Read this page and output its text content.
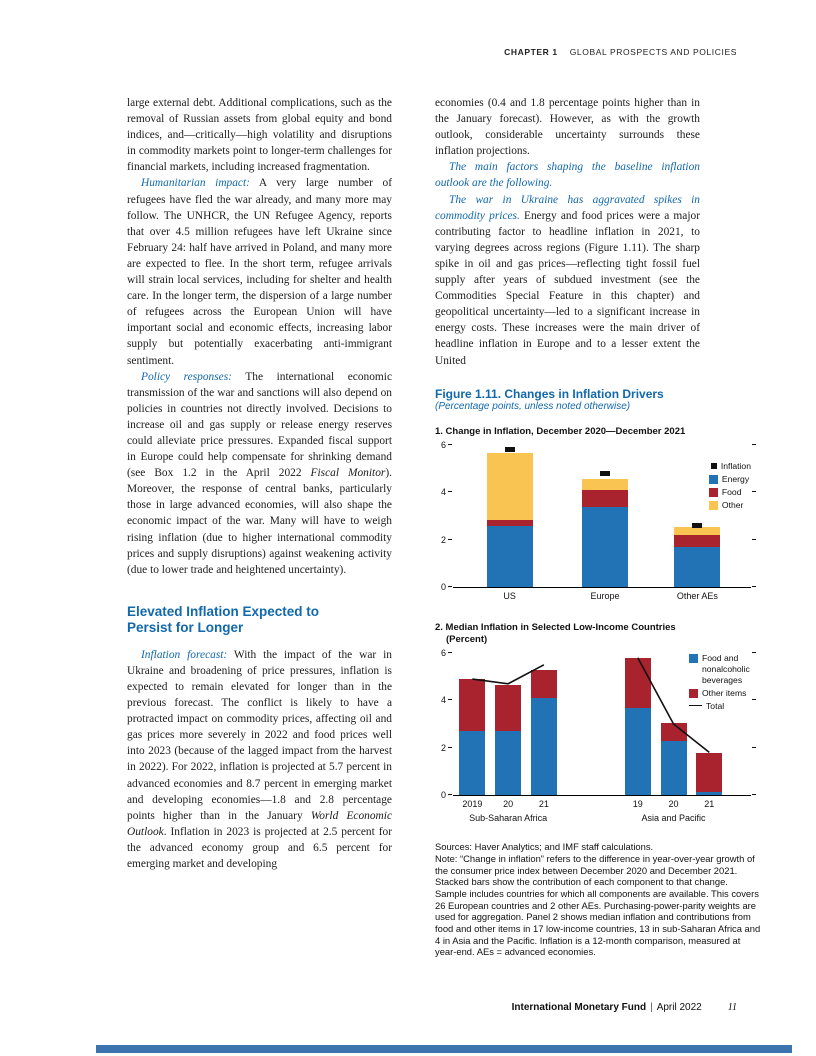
CHAPTER 1 GLOBAL PROSPECTS AND POLICIES

large external debt. Additional complications, such as the removal of Russian assets from global equity and bond indices, and—critically—high volatility and disruptions in commodity markets point to longer-term challenges for financial markets, including increased fragmentation.

Humanitarian impact: A very large number of refugees have fled the war already, and many more may follow. The UNHCR, the UN Refugee Agency, reports that over 4.5 million refugees have left Ukraine since February 24: half have arrived in Poland, and many more are expected to flee. In the short term, refugee arrivals will strain local services, including for shelter and health care. In the longer term, the dispersion of a large number of refugees across the European Union will have important social and economic effects, increasing labor supply but potentially exacerbating anti-immigrant sentiment.

Policy responses: The international economic transmission of the war and sanctions will also depend on policies in countries not directly involved. Decisions to increase oil and gas supply or release energy reserves could alleviate price pressures. Expanded fiscal support in Europe could help compensate for shrinking demand (see Box 1.2 in the April 2022 Fiscal Monitor). Moreover, the response of central banks, particularly those in large advanced economies, will also shape the economic impact of the war. Many will have to weigh rising inflation (due to higher international commodity prices and supply disruptions) against weakening activity (due to lower trade and heightened uncertainty).

Elevated Inflation Expected to Persist for Longer

Inflation forecast: With the impact of the war in Ukraine and broadening of price pressures, inflation is expected to remain elevated for longer than in the previous forecast. The conflict is likely to have a protracted impact on commodity prices, affecting oil and gas prices more severely in 2022 and food prices well into 2023 (because of the lagged impact from the harvest in 2022). For 2022, inflation is projected at 5.7 percent in advanced economies and 8.7 percent in emerging market and developing economies—1.8 and 2.8 percentage points higher than in the January World Economic Outlook. Inflation in 2023 is projected at 2.5 percent for the advanced economy group and 6.5 percent for emerging market and developing

economies (0.4 and 1.8 percentage points higher than in the January forecast). However, as with the growth outlook, considerable uncertainty surrounds these inflation projections.

The main factors shaping the baseline inflation outlook are the following.

The war in Ukraine has aggravated spikes in commodity prices. Energy and food prices were a major contributing factor to headline inflation in 2021, to varying degrees across regions (Figure 1.11). The sharp spike in oil and gas prices—reflecting tight fossil fuel supply after years of subdued investment (see the Commodities Special Feature in this chapter) and geopolitical uncertainty—led to a significant increase in energy costs. These increases were the main driver of headline inflation in Europe and to a lesser extent the United

Figure 1.11. Changes in Inflation Drivers
(Percentage points, unless noted otherwise)
1. Change in Inflation, December 2020—December 2021
Inflation
Energy
Food
Other
0
2
4
6
US	Europe	Other AEs
2. Median Inflation in Selected Low-Income Countries
(Percent)
Food and nonalcoholic beverages
Other items
Total
0
2
4
6
2019 20	21	19	20	21
Sub-Saharan Africa	Asia and Pacific
Sources: Haver Analytics; and IMF staff calculations.
Note: “Change in inflation” refers to the difference in year-over-year growth of the consumer price index between December 2020 and December 2021. Stacked bars show the contribution of each component to that change. Sample includes countries for which all components are available. This covers 26 European countries and 2 other AEs. Purchasing-power-parity weights are used for aggregation. Panel 2 shows median inflation and contributions from food and other items in 17 low-income countries, 13 in sub-Saharan Africa and 4 in Asia and the Pacific. Inflation is a 12-month comparison, measured at year-end. AEs = advanced economies.
International Monetary Fund | April 2022	11
